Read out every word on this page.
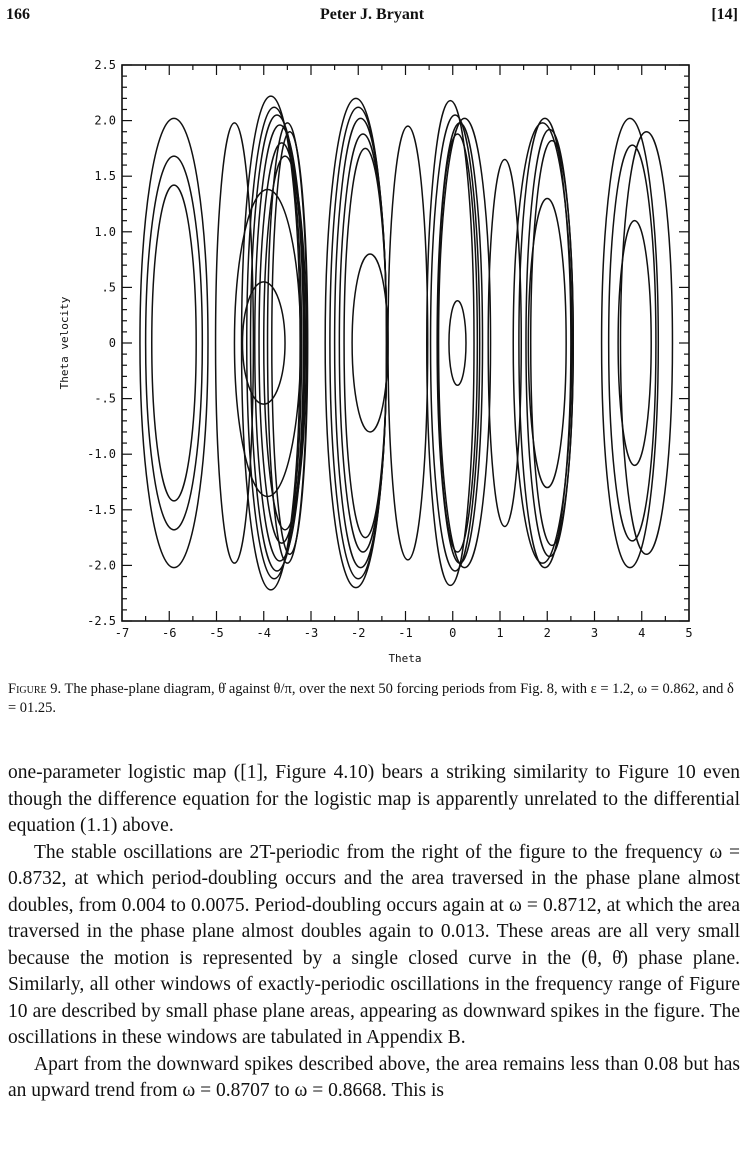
166	Peter J. Bryant	[14]
-7	-6	-5	-4	-3	-2	-1	0	1	2	3	4	5
2.5
2.0
1.5
1.0
.5
0
-.5
-1.0
-1.5
-2.0
-2.5
Theta
Theta velocity
Figure 9. The phase-plane diagram, θ̇ against θ/π, over the next 50 forcing periods from Fig. 8, with ε = 1.2, ω = 0.862, and δ = 01.25.

one-parameter logistic map ([1], Figure 4.10) bears a striking similarity to Figure 10 even though the difference equation for the logistic map is apparently unrelated to the differential equation (1.1) above.

The stable oscillations are 2T-periodic from the right of the figure to the frequency ω = 0.8732, at which period-doubling occurs and the area traversed in the phase plane almost doubles, from 0.004 to 0.0075. Period-doubling occurs again at ω = 0.8712, at which the area traversed in the phase plane almost doubles again to 0.013. These areas are all very small because the motion is represented by a single closed curve in the (θ, θ̇) phase plane. Similarly, all other windows of exactly-periodic oscillations in the frequency range of Figure 10 are described by small phase plane areas, appearing as downward spikes in the figure. The oscillations in these windows are tabulated in Appendix B.

Apart from the downward spikes described above, the area remains less than 0.08 but has an upward trend from ω = 0.8707 to ω = 0.8668. This is
